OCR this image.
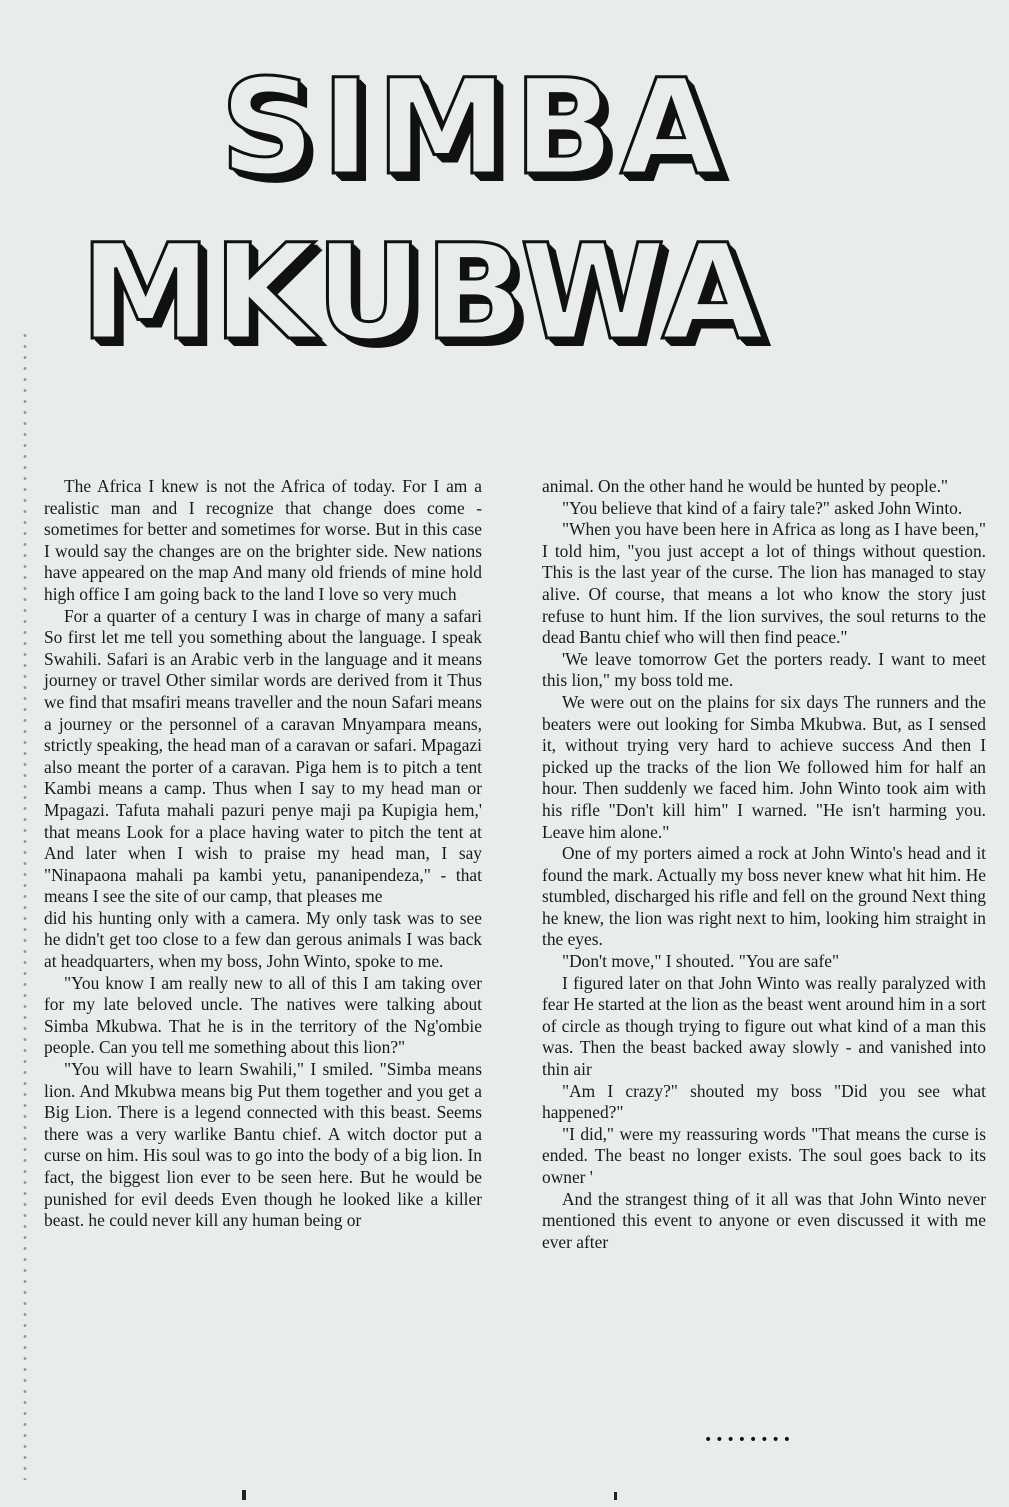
SIMBA
MKUBWA

The Africa I knew is not the Africa of today. For I am a realistic man and I recognize that change does come - sometimes for better and sometimes for worse. But in this case I would say the changes are on the brighter side. New nations have appeared on the map And many old friends of mine hold high office I am going back to the land I love so very much

For a quarter of a century I was in charge of many a safari So first let me tell you something about the language. I speak Swahili. Safari is an Arabic verb in the language and it means journey or travel Other similar words are derived from it Thus we find that msafiri means traveller and the noun Safari means a journey or the personnel of a caravan Mnyampara means, strictly speaking, the head man of a caravan or safari. Mpagazi also meant the porter of a caravan. Piga hem is to pitch a tent Kambi means a camp. Thus when I say to my head man or Mpagazi. Tafuta mahali pazuri penye maji pa Kupigia hem,' that means Look for a place having water to pitch the tent at And later when I wish to praise my head man, I say "Ninapaona mahali pa kambi yetu, pananipendeza," - that means I see the site of our camp, that pleases me

did his hunting only with a camera. My only task was to see he didn't get too close to a few dan gerous animals I was back at headquarters, when my boss, John Winto, spoke to me.

"You know I am really new to all of this I am taking over for my late beloved uncle. The natives were talking about Simba Mkubwa. That he is in the territory of the Ng'ombie people. Can you tell me something about this lion?"

"You will have to learn Swahili," I smiled. "Simba means lion. And Mkubwa means big Put them together and you get a Big Lion. There is a legend connected with this beast. Seems there was a very warlike Bantu chief. A witch doctor put a curse on him. His soul was to go into the body of a big lion. In fact, the biggest lion ever to be seen here. But he would be punished for evil deeds Even though he looked like a killer beast. he could never kill any human being or

animal. On the other hand he would be hunted by people."

"You believe that kind of a fairy tale?" asked John Winto.

"When you have been here in Africa as long as I have been," I told him, "you just accept a lot of things without question. This is the last year of the curse. The lion has managed to stay alive. Of course, that means a lot who know the story just refuse to hunt him. If the lion survives, the soul returns to the dead Bantu chief who will then find peace."

'We leave tomorrow Get the porters ready. I want to meet this lion," my boss told me.

We were out on the plains for six days The runners and the beaters were out looking for Simba Mkubwa. But, as I sensed it, without trying very hard to achieve success And then I picked up the tracks of the lion We followed him for half an hour. Then suddenly we faced him. John Winto took aim with his rifle "Don't kill him" I warned. "He isn't harming you. Leave him alone."

One of my porters aimed a rock at John Winto's head and it found the mark. Actually my boss never knew what hit him. He stumbled, discharged his rifle and fell on the ground Next thing he knew, the lion was right next to him, looking him straight in the eyes.

"Don't move," I shouted. "You are safe"

I figured later on that John Winto was really paralyzed with fear He started at the lion as the beast went around him in a sort of circle as though trying to figure out what kind of a man this was. Then the beast backed away slowly - and vanished into thin air

"Am I crazy?" shouted my boss "Did you see what happened?"

"I did," were my reassuring words "That means the curse is ended. The beast no longer exists. The soul goes back to its owner '

And the strangest thing of it all was that John Winto never mentioned this event to anyone or even discussed it with me ever after

••••••••
